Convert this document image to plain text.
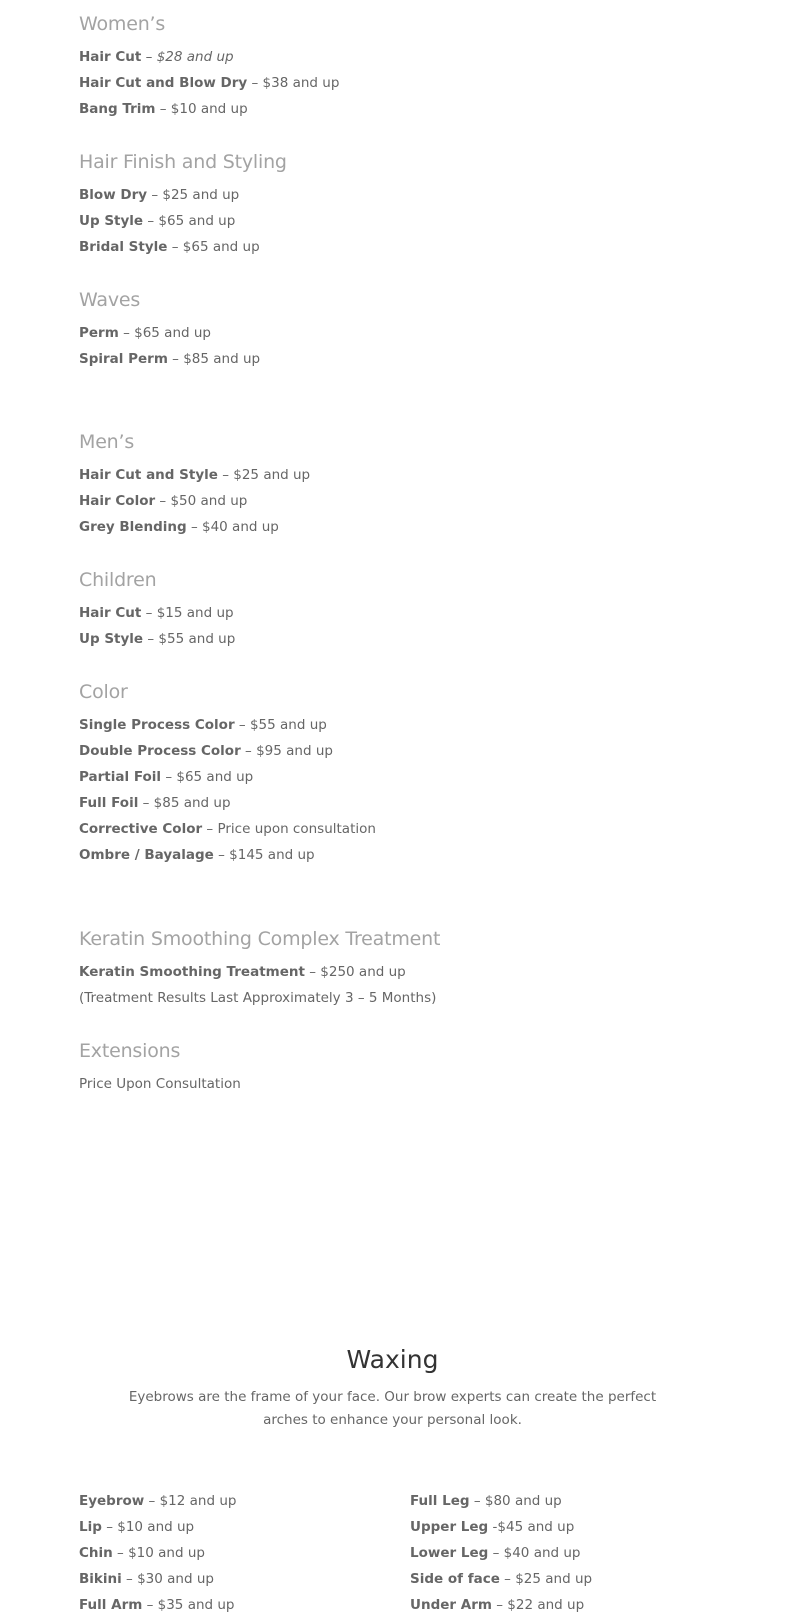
Women’s
Hair Cut – $28 and up
Hair Cut and Blow Dry – $38 and up
Bang Trim – $10 and up
Hair Finish and Styling
Blow Dry – $25 and up
Up Style – $65 and up
Bridal Style – $65 and up
Waves
Perm – $65 and up
Spiral Perm – $85 and up
Men’s
Hair Cut and Style – $25 and up
Hair Color – $50 and up
Grey Blending – $40 and up
Children
Hair Cut – $15 and up
Up Style – $55 and up
Color
Single Process Color – $55 and up
Double Process Color – $95 and up
Partial Foil – $65 and up
Full Foil – $85 and up
Corrective Color – Price upon consultation
Ombre / Bayalage – $145 and up
Keratin Smoothing Complex Treatment
Keratin Smoothing Treatment – $250 and up
(Treatment Results Last Approximately 3 – 5 Months)
Extensions
Price Upon Consultation
Waxing
Eyebrows are the frame of your face. Our brow experts can create the perfect arches to enhance your personal look.
Eyebrow – $12 and up
Lip – $10 and up
Chin – $10 and up
Bikini – $30 and up
Full Arm – $35 and up
Full Leg – $80 and up
Upper Leg -$45 and up
Lower Leg – $40 and up
Side of face – $25 and up
Under Arm – $22 and up
